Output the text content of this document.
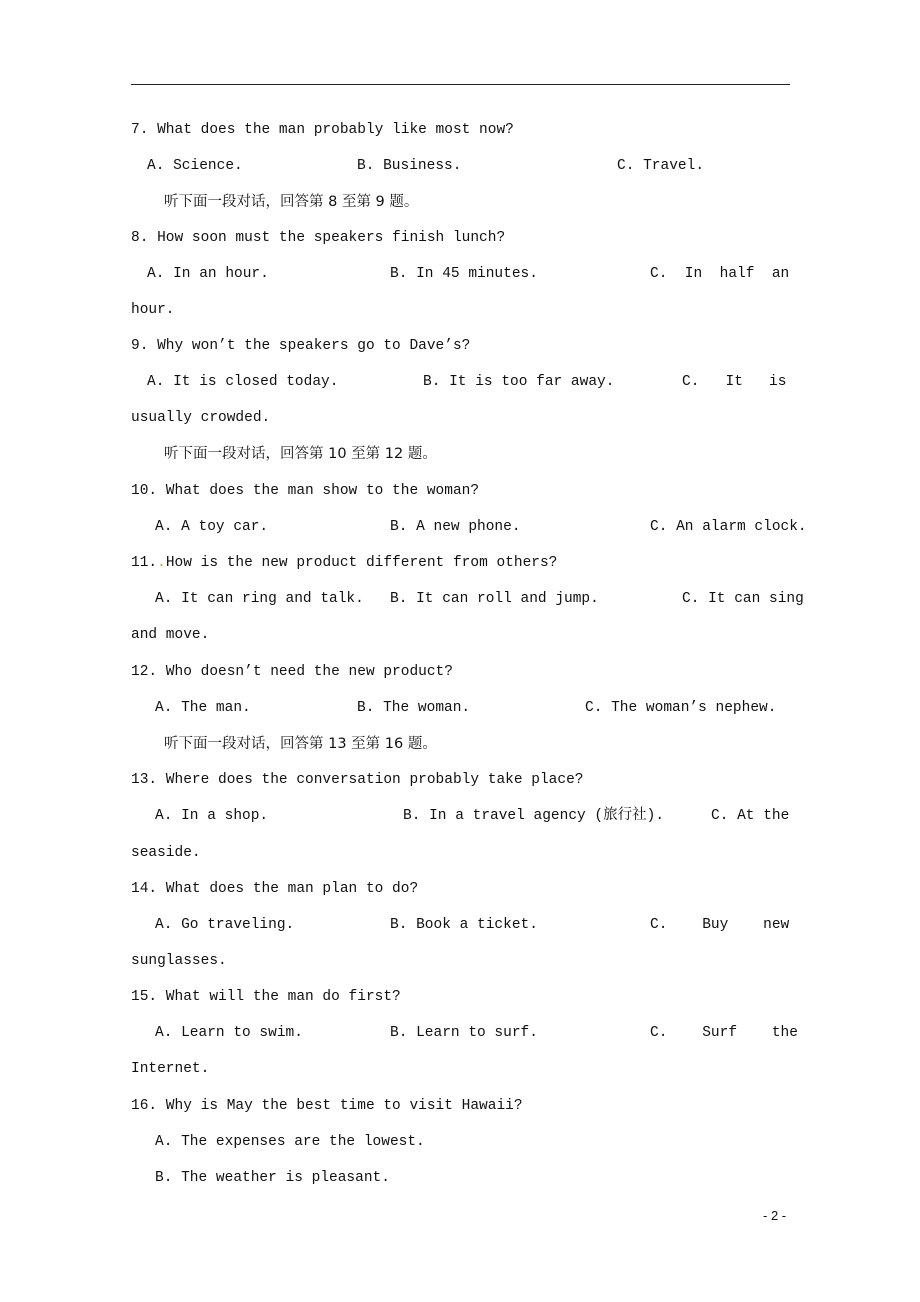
7. What does the man probably like most now?
A. Science.	B. Business.	C. Travel.
听下面一段对话，回答第 8 至第 9 题。
8. How soon must the speakers finish lunch?
A. In an hour.	B. In 45 minutes.	C.  In  half  an
hour.
9. Why won’t the speakers go to Dave’s?
A. It is closed today.	B. It is too far away.	C.   It   is
usually crowded.
听下面一段对话，回答第 10 至第 12 题。
10. What does the man show to the woman?
A. A toy car.	B. A new phone.	C. An alarm clock.
11..How is the new product different from others?
A. It can ring and talk. B. It can roll and jump.	C. It can sing
and move.
12. Who doesn’t need the new product?
A. The man.	B. The woman.	C. The woman’s nephew.
听下面一段对话，回答第 13 至第 16 题。
13. Where does the conversation probably take place?
A. In a shop.	B. In a travel agency (旅行社).	C. At the
seaside.
14. What does the man plan to do?
A. Go traveling.	B. Book a ticket.	C.    Buy    new
sunglasses.
15. What will the man do first?
A. Learn to swim.	B. Learn to surf.	C.    Surf    the
Internet.
16. Why is May the best time to visit Hawaii?
A. The expenses are the lowest.
B. The weather is pleasant.
- 2 -
